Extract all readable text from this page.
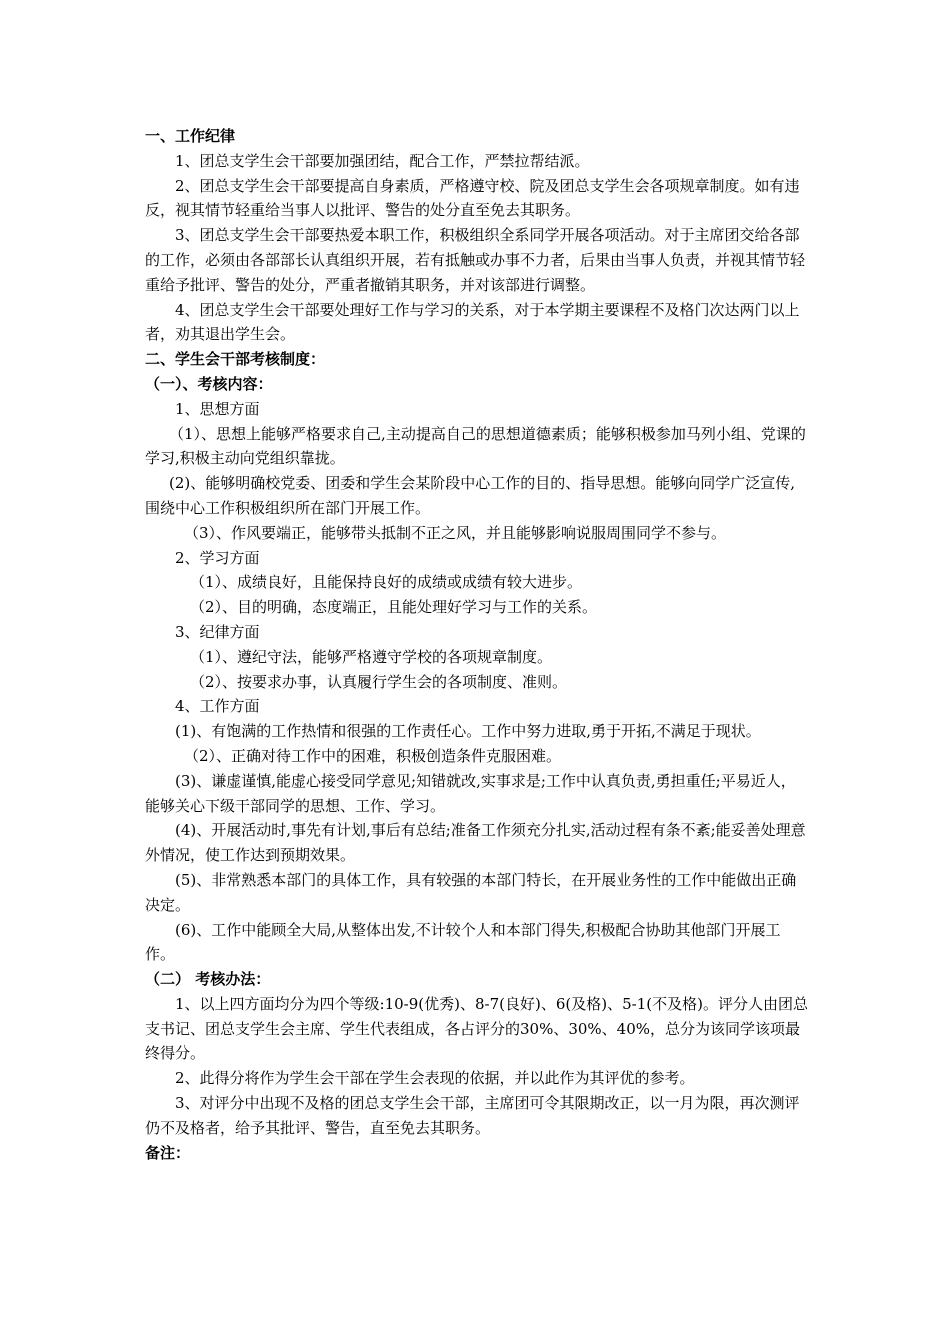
一、工作纪律

1、团总支学生会干部要加强团结，配合工作，严禁拉帮结派。

2、团总支学生会干部要提高自身素质，严格遵守校、院及团总支学生会各项规章制度。如有违反，视其情节轻重给当事人以批评、警告的处分直至免去其职务。

3、团总支学生会干部要热爱本职工作，积极组织全系同学开展各项活动。对于主席团交给各部的工作，必须由各部部长认真组织开展，若有抵触或办事不力者，后果由当事人负责，并视其情节轻重给予批评、警告的处分，严重者撤销其职务，并对该部进行调整。

4、团总支学生会干部要处理好工作与学习的关系，对于本学期主要课程不及格门次达两门以上者，劝其退出学生会。

二、学生会干部考核制度：

（一）、考核内容：

1、思想方面

（1）、思想上能够严格要求自己,主动提高自己的思想道德素质；能够积极参加马列小组、党课的学习,积极主动向党组织靠拢。

(2)、能够明确校党委、团委和学生会某阶段中心工作的目的、指导思想。能够向同学广泛宣传,围绕中心工作积极组织所在部门开展工作。

（3）、作风要端正，能够带头抵制不正之风，并且能够影响说服周围同学不参与。

2、学习方面

（1）、成绩良好，且能保持良好的成绩或成绩有较大进步。

（2）、目的明确，态度端正，且能处理好学习与工作的关系。

3、纪律方面

（1）、遵纪守法，能够严格遵守学校的各项规章制度。

（2）、按要求办事，认真履行学生会的各项制度、准则。

4、工作方面

(1)、有饱满的工作热情和很强的工作责任心。工作中努力进取,勇于开拓,不满足于现状。

（2）、正确对待工作中的困难，积极创造条件克服困难。

(3)、谦虚谨慎,能虚心接受同学意见;知错就改,实事求是;工作中认真负责,勇担重任;平易近人，能够关心下级干部同学的思想、工作、学习。

(4)、开展活动时,事先有计划,事后有总结;准备工作须充分扎实,活动过程有条不紊;能妥善处理意外情况，使工作达到预期效果。

(5)、非常熟悉本部门的具体工作，具有较强的本部门特长，在开展业务性的工作中能做出正确决定。

(6)、工作中能顾全大局,从整体出发,不计较个人和本部门得失,积极配合协助其他部门开展工作。

（二） 考核办法：

1、以上四方面均分为四个等级:10-9(优秀)、8-7(良好)、6(及格)、5-1(不及格)。评分人由团总支书记、团总支学生会主席、学生代表组成，各占评分的30%、30%、40%，总分为该同学该项最终得分。

2、此得分将作为学生会干部在学生会表现的依据，并以此作为其评优的参考。

3、对评分中出现不及格的团总支学生会干部，主席团可令其限期改正，以一月为限，再次测评仍不及格者，给予其批评、警告，直至免去其职务。

备注：
